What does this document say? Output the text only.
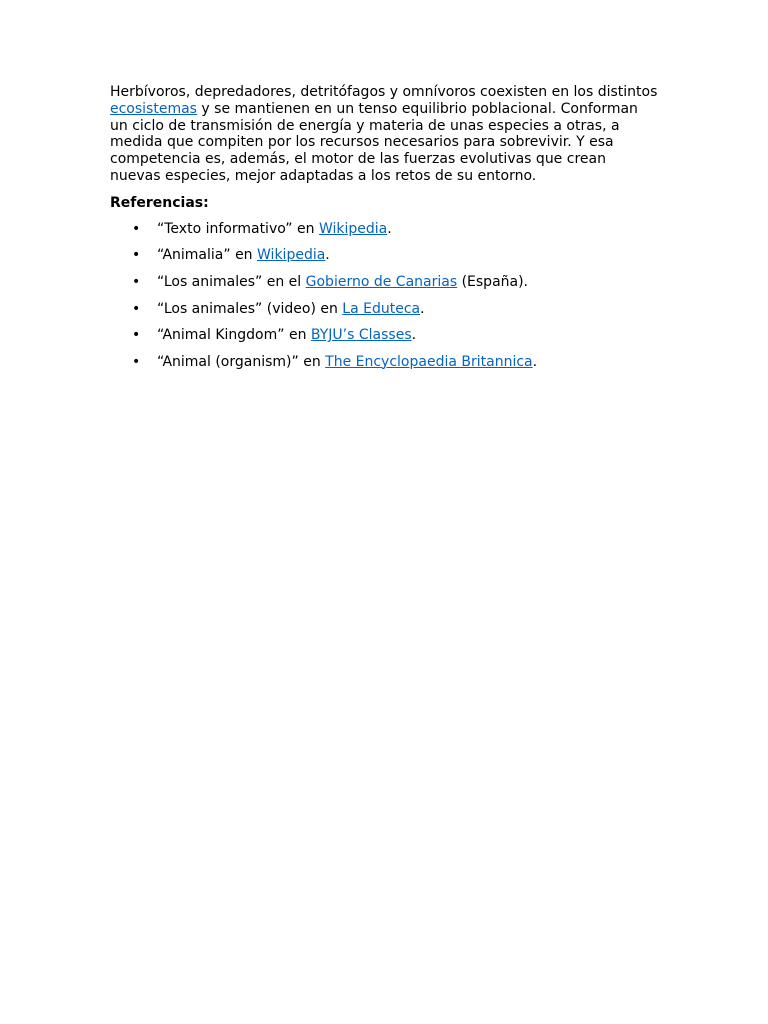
Herbívoros, depredadores, detritófagos y omnívoros coexisten en los distintos ecosistemas y se mantienen en un tenso equilibrio poblacional. Conforman un ciclo de transmisión de energía y materia de unas especies a otras, a medida que compiten por los recursos necesarios para sobrevivir. Y esa competencia es, además, el motor de las fuerzas evolutivas que crean nuevas especies, mejor adaptadas a los retos de su entorno.

Referencias:

• “Texto informativo” en Wikipedia.
• “Animalia” en Wikipedia.
• “Los animales” en el Gobierno de Canarias (España).
• “Los animales” (video) en La Eduteca.
• “Animal Kingdom” en BYJU’s Classes.
• “Animal (organism)” en The Encyclopaedia Britannica.
